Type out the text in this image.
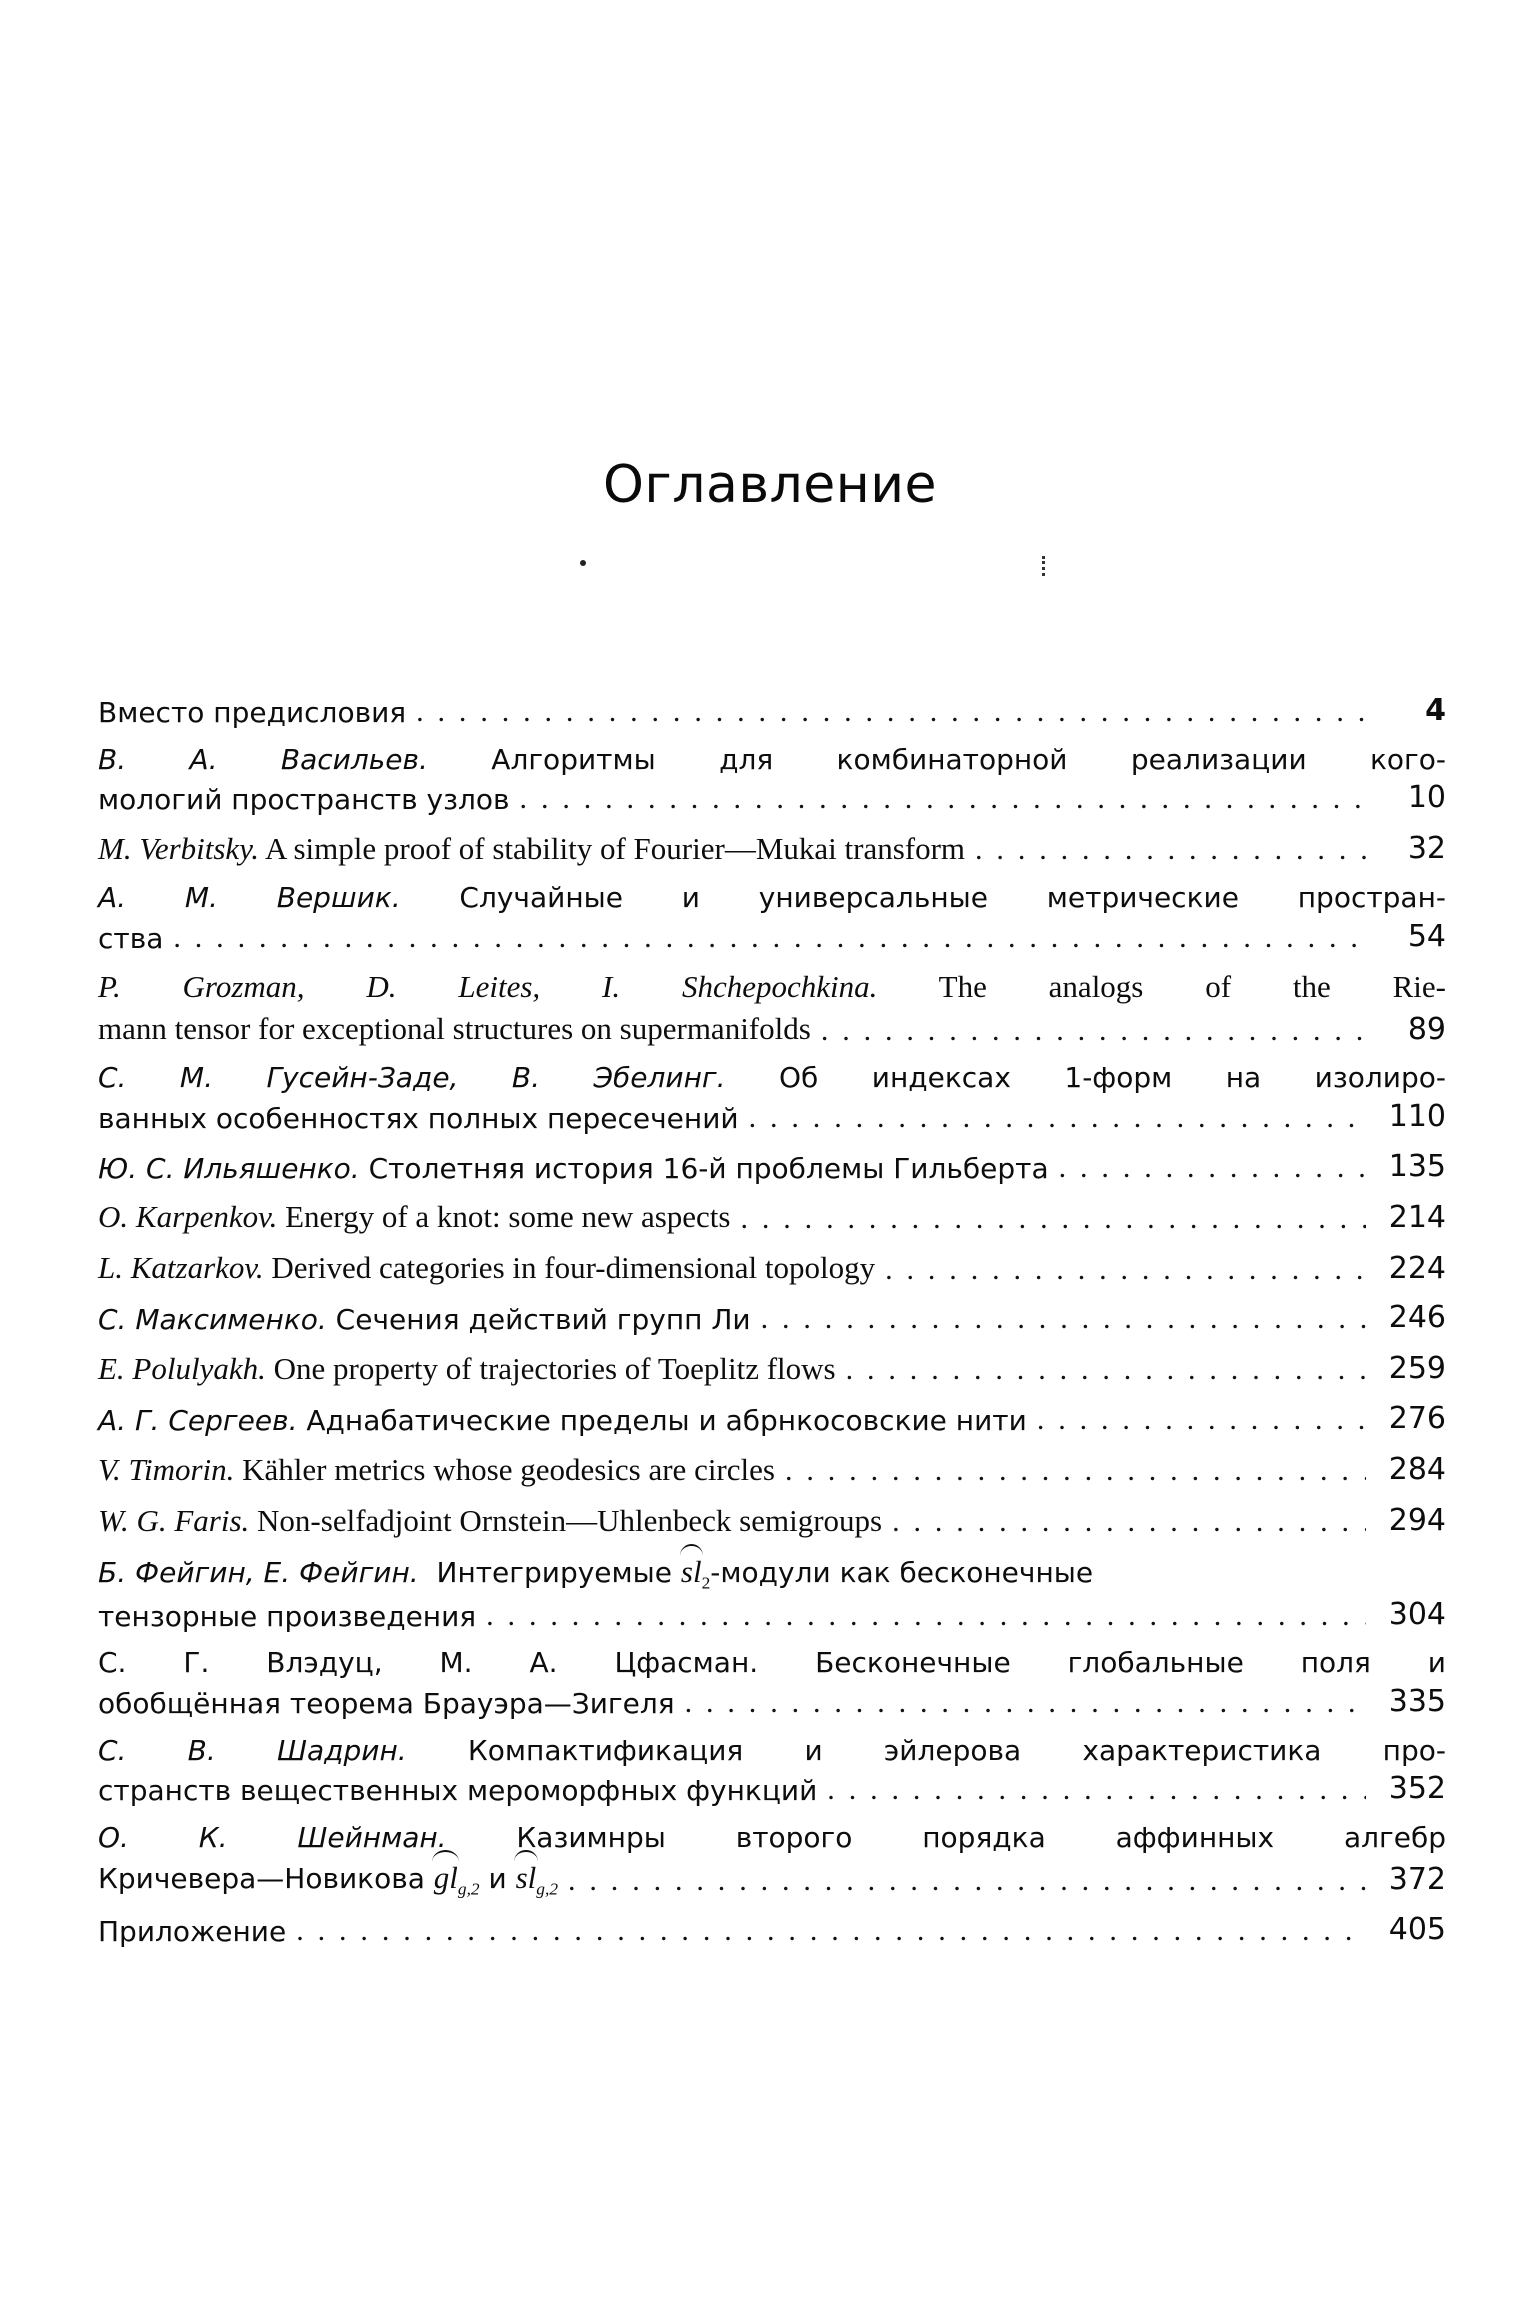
Оглавление
Вместо предисловия . . .	4
В. А. Васильев. Алгоритмы для комбинаторной реализации кого-
мологий пространств узлов . . .	10
M. Verbitsky. A simple proof of stability of Fourier—Mukai transform . . .	32
А. М. Вершик. Случайные и универсальные метрические простран-
ства . . .	54
P. Grozman, D. Leites, I. Shchepochkina. The analogs of the Rie-
mann tensor for exceptional structures on supermanifolds . . .	89
С. М. Гусейн-Заде, В. Эбелинг. Об индексах 1-форм на изолиро-
ванных особенностях полных пересечений . . .	110
Ю. С. Ильяшенко. Столетняя история 16-й проблемы Гильберта . . .	135
O. Karpenkov. Energy of a knot: some new aspects . . .	214
L. Katzarkov. Derived categories in four-dimensional topology . . .	224
С. Максименко. Сечения действий групп Ли . . .	246
E. Polulyakh. One property of trajectories of Toeplitz flows . . .	259
А. Г. Сергеев. Аднабатические пределы и абрнкосовские нити . . .	276
V. Timorin. Kähler metrics whose geodesics are circles . . .	284
W. G. Faris. Non-selfadjoint Ornstein—Uhlenbeck semigroups . . .	294
Б. Фейгин, Е. Фейгин.  Интегрируемые $sl_2$-модули как бесконечные
тензорные произведения . . .	304
С. Г. Влэдуц, М. А. Цфасман. Бесконечные глобальные поля и
обобщённая теорема Брауэра—Зигеля . . .	335
С. В. Шадрин. Компактификация и эйлерова характеристика про-
странств вещественных мероморфных функций . . .	352
О. К. Шейнман. Казимнры второго порядка аффинных алгебр
Кричевера—Новикова $gl_{g,2}$ и $sl_{g,2}$ . . .	372
Приложение . . .	405
